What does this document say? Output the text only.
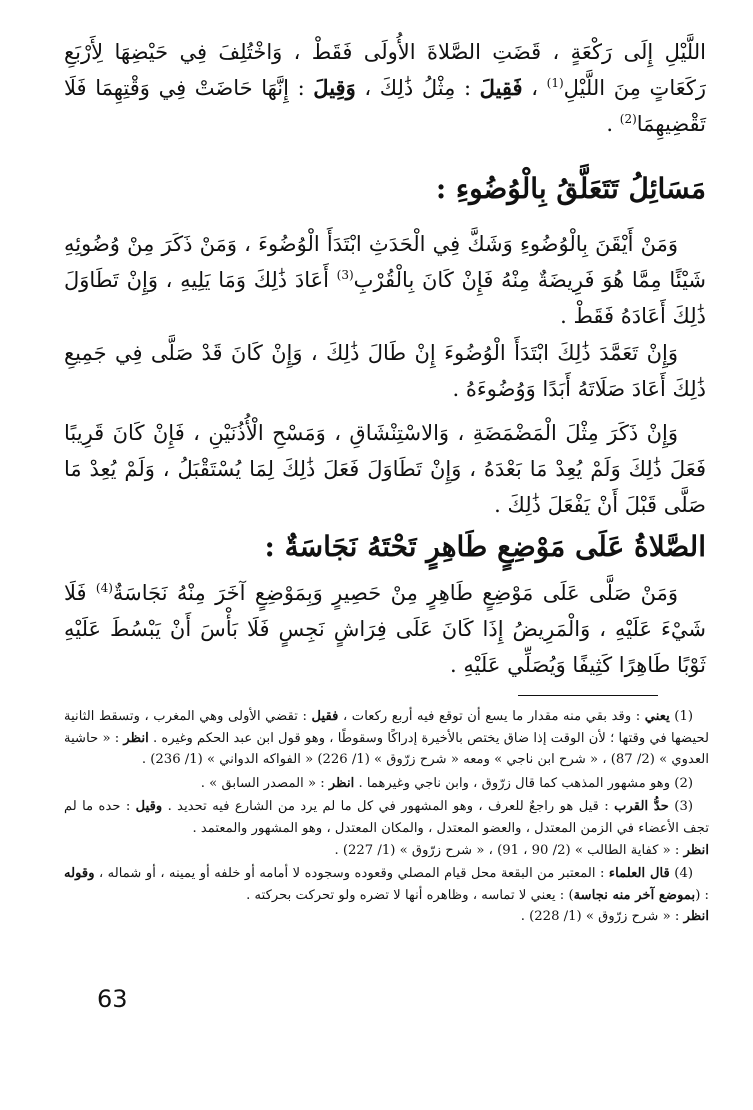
اللَّيْلِ إِلَى رَكْعَةٍ ، قَضَتِ الصَّلاةَ الأُولَى فَقَطْ ، وَاخْتُلِفَ فِي حَيْضِهَا لِأَرْبَعِ رَكَعَاتٍ مِنَ اللَّيْلِ$^{(1)}$ ، فَقِيلَ : مِثْلُ ذَٰلِكَ ، وَقِيلَ : إِنَّهَا حَاضَتْ فِي وَقْتِهِمَا فَلَا تَقْضِيهِمَا$^{(2)}$ .

مَسَائِلُ تَتَعَلَّقُ بِالْوُضُوءِ :

وَمَنْ أَيْقَنَ بِالْوُضُوءِ وَشَكَّ فِي الْحَدَثِ ابْتَدَأَ الْوُضُوءَ ، وَمَنْ ذَكَرَ مِنْ وُضُوئِهِ شَيْئًا مِمَّا هُوَ فَرِيضَةٌ مِنْهُ فَإِنْ كَانَ بِالْقُرْبِ$^{(3)}$ أَعَادَ ذَٰلِكَ وَمَا يَلِيهِ ، وَإِنْ تَطَاوَلَ ذَٰلِكَ أَعَادَهُ فَقَطْ .

وَإِنْ تَعَمَّدَ ذَٰلِكَ ابْتَدَأَ الْوُضُوءَ إِنْ طَالَ ذَٰلِكَ ، وَإِنْ كَانَ قَدْ صَلَّى فِي جَمِيعِ ذَٰلِكَ أَعَادَ صَلَاتَهُ أَبَدًا وَوُضُوءَهُ .

وَإِنْ ذَكَرَ مِثْلَ الْمَضْمَضَةِ ، وَالاسْتِنْشَاقِ ، وَمَسْحِ الْأُذُنَيْنِ ، فَإِنْ كَانَ قَرِيبًا فَعَلَ ذَٰلِكَ وَلَمْ يُعِدْ مَا بَعْدَهُ ، وَإِنْ تَطَاوَلَ فَعَلَ ذَٰلِكَ لِمَا يُسْتَقْبَلُ ، وَلَمْ يُعِدْ مَا صَلَّى قَبْلَ أَنْ يَفْعَلَ ذَٰلِكَ .

الصَّلاةُ عَلَى مَوْضِعٍ طَاهِرٍ تَحْتَهُ نَجَاسَةٌ :

وَمَنْ صَلَّى عَلَى مَوْضِعٍ طَاهِرٍ مِنْ حَصِيرٍ وَبِمَوْضِعٍ آخَرَ مِنْهُ نَجَاسَةٌ$^{(4)}$ فَلَا شَيْءَ عَلَيْهِ ، وَالْمَرِيضُ إِذَا كَانَ عَلَى فِرَاشٍ نَجِسٍ فَلَا بَأْسَ أَنْ يَبْسُطَ عَلَيْهِ ثَوْبًا طَاهِرًا كَثِيفًا وَيُصَلِّي عَلَيْهِ .

(1) يعني : وقد بقي منه مقدار ما يسع أن توقع فيه أربع ركعات ، فقيل : تقضي الأولى وهي المغرب ، وتسقط الثانية لحيضها في وقتها ؛ لأن الوقت إذا ضاق يختص بالأخيرة إدراكًا وسقوطًا ، وهو قول ابن عبد الحكم وغيره . انظر : « حاشية العدوي » (2/ 87) ، « شرح ابن ناجي » ومعه « شرح زرّوق » (1/ 226) « الفواكه الدواني » (1/ 236) .

(2) وهو مشهور المذهب كما قال زرّوق ، وابن ناجي وغيرهما . انظر : « المصدر السابق » .

(3) حدُّ القرب : قيل هو راجعٌ للعرف ، وهو المشهور في كل ما لم يرد من الشارع فيه تحديد . وقيل : حده ما لم تجف الأعضاء في الزمن المعتدل ، والعضو المعتدل ، والمكان المعتدل ، وهو المشهور والمعتمد .
انظر : « كفاية الطالب » (2/ 90 ، 91) ، « شرح زرّوق » (1/ 227) .

(4) قال العلماء : المعتبر من البقعة محل قيام المصلي وقعوده وسجوده لا أمامه أو خلفه أو يمينه ، أو شماله ، وقوله : (بموضع آخر منه نجاسة) : يعني لا تماسه ، وظاهره أنها لا تضره ولو تحركت بحركته .
انظر : « شرح زرّوق » (1/ 228) .

63
